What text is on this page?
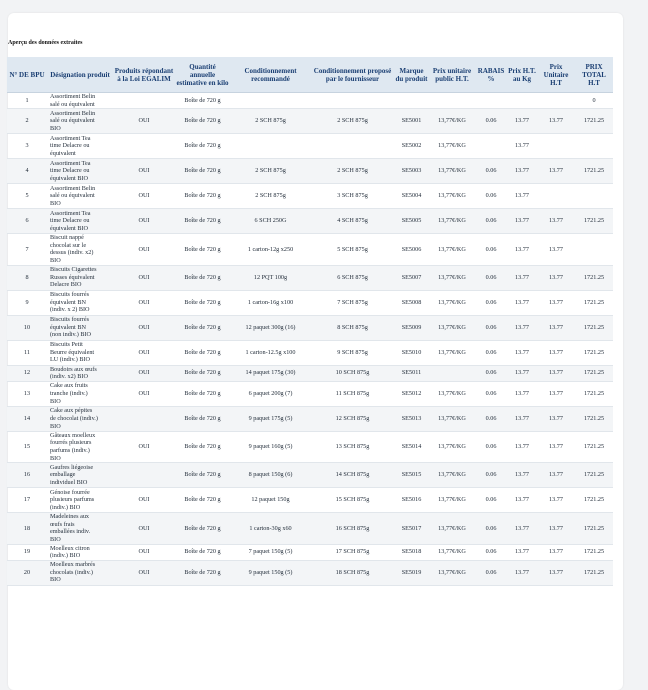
Aperçu des données extraites
N° DE BPU	Désignation produit	Produits répondant à la Loi EGALIM	Quantité annuelle estimative en kilo	Conditionnement recommandé	Conditionnement proposé par le fournisseur	Marque du produit	Prix unitaire public H.T.	RABAIS %	Prix H.T. au Kg	Prix Unitaire H.T	PRIX TOTAL H.T
1	Assortiment Belin
salé ou équivalent		Boîte de 720 g								0
2	Assortiment Belin
salé ou équivalent
BIO	OUI	Boîte de 720 g	2 SCH 875g	2 SCH 875g	SE5001	13,77€/KG	0.06	13.77	13.77	1721.25
3	Assortiment Tea
time Delacre ou
équivalent		Boîte de 720 g			SE5002	13,77€/KG		13.77		
4	Assortiment Tea
time Delacre ou
équivalent BIO	OUI	Boîte de 720 g	2 SCH 875g	2 SCH 875g	SE5003	13,77€/KG	0.06	13.77	13.77	1721.25
5	Assortiment Belin
salé ou équivalent
BIO	OUI	Boîte de 720 g	2 SCH 875g	3 SCH 875g	SE5004	13,77€/KG	0.06	13.77		
6	Assortiment Tea
time Delacre ou
équivalent BIO	OUI	Boîte de 720 g	6 SCH 250G	4 SCH 875g	SE5005	13,77€/KG	0.06	13.77	13.77	1721.25
7	Biscuit nappé
chocolat sur le
dessus (indiv. x2)
BIO	OUI	Boîte de 720 g	1 carton-12g x250	5 SCH 875g	SE5006	13,77€/KG	0.06	13.77	13.77	
8	Biscuits Cigarettes
Russes équivalent
Delacre BIO	OUI	Boîte de 720 g	12 PQT 100g	6 SCH 875g	SE5007	13,77€/KG	0.06	13.77	13.77	1721.25
9	Biscuits fourrés
équivalent BN
(indiv. x 2) BIO	OUI	Boîte de 720 g	1 carton-16g x100	7 SCH 875g	SE5008	13,77€/KG	0.06	13.77	13.77	1721.25
10	Biscuits fourrés
équivalent BN
(non indiv.) BIO	OUI	Boîte de 720 g	12 paquet 300g (16)	8 SCH 875g	SE5009	13,77€/KG	0.06	13.77	13.77	1721.25
11	Biscuits Petit
Beurre équivalent
LU (indiv.) BIO	OUI	Boîte de 720 g	1 carton-12.5g x100	9 SCH 875g	SE5010	13,77€/KG	0.06	13.77	13.77	1721.25
12	Boudoirs aux œufs
(indiv. x2) BIO	OUI	Boîte de 720 g	14 paquet 175g (30)	10 SCH 875g	SE5011		0.06	13.77	13.77	1721.25
13	Cake aux fruits
tranche (indiv.)
BIO	OUI	Boîte de 720 g	6 paquet 200g (7)	11 SCH 875g	SE5012	13,77€/KG	0.06	13.77	13.77	1721.25
14	Cake aux pépites
de chocolat (indiv.)
BIO		Boîte de 720 g	9 paquet 175g (5)	12 SCH 875g	SE5013	13,77€/KG	0.06	13.77	13.77	1721.25
15	Gâteaux moelleux
fourrés plusieurs
parfums (indiv.)
BIO	OUI	Boîte de 720 g	9 paquet 160g (5)	13 SCH 875g	SE5014	13,77€/KG	0.06	13.77	13.77	1721.25
16	Gaufres liégeoise
emballage
individuel BIO		Boîte de 720 g	8 paquet 150g (6)	14 SCH 875g	SE5015	13,77€/KG	0.06	13.77	13.77	1721.25
17	Génoise fourrée
plusieurs parfums
(indiv.) BIO	OUI	Boîte de 720 g	12 paquet 150g	15 SCH 875g	SE5016	13,77€/KG	0.06	13.77	13.77	1721.25
18	Madeleines aux
œufs frais
emballées indiv.
BIO	OUI	Boîte de 720 g	1 carton-30g x60	16 SCH 875g	SE5017	13,77€/KG	0.06	13.77	13.77	1721.25
19	Moelleux citron
(indiv.) BIO	OUI	Boîte de 720 g	7 paquet 150g (5)	17 SCH 875g	SE5018	13,77€/KG	0.06	13.77	13.77	1721.25
20	Moelleux marbrés
chocolats (indiv.)
BIO	OUI	Boîte de 720 g	9 paquet 150g (5)	18 SCH 875g	SE5019	13,77€/KG	0.06	13.77	13.77	1721.25
